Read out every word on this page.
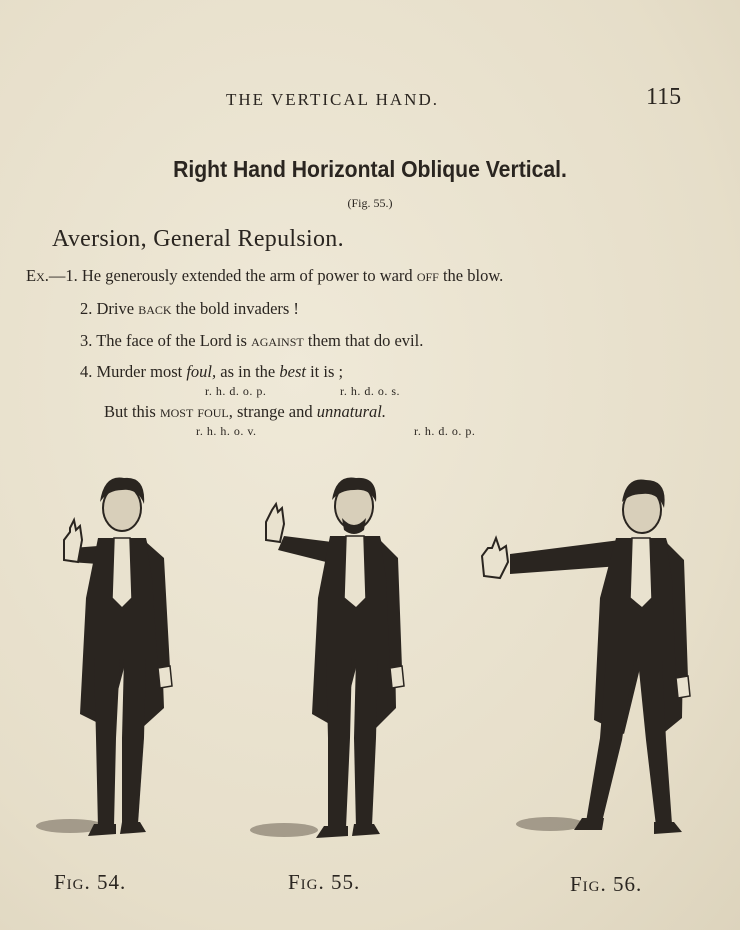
THE VERTICAL HAND.	115
Right Hand Horizontal Oblique Vertical.
(Fig. 55.)
Aversion, General Repulsion.
Ex.—1. He generously extended the arm of power to ward off the blow.
2. Drive back the bold invaders !
3. The face of the Lord is against them that do evil.
4. Murder most foul, as in the best it is ;
r. h. d. o. p.	r. h. d. o. s.
But this most foul, strange and unnatural.
r. h. h. o. v.	r. h. d. o. p.
Fig. 54.	Fig. 55.	Fig. 56.
